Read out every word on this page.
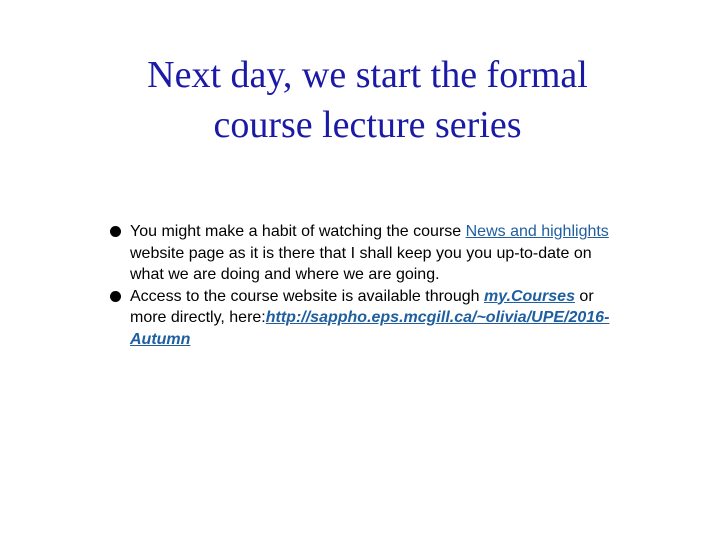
Next day, we start the formal
course lecture series
You might make a habit of watching the course News and highlights website page as it is there that I shall keep you you up-to-date on what we are doing and where we are going.
Access to the course website is available through my.Courses or more directly, here:http://sappho.eps.mcgill.ca/~olivia/UPE/2016-Autumn
